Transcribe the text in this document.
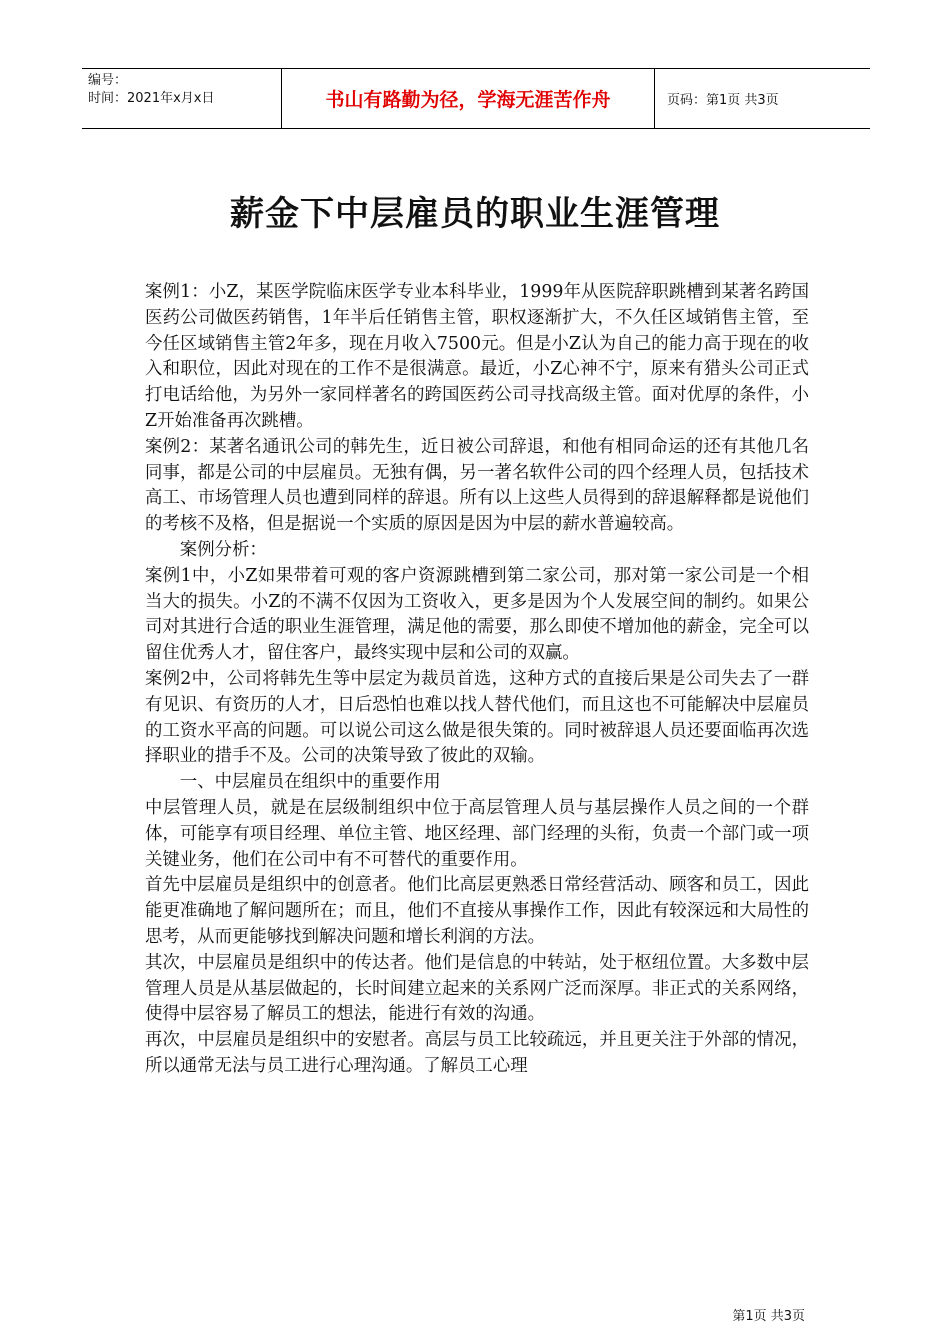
编号：
时间：2021年x月x日	书山有路勤为径，学海无涯苦作舟	页码：第1页 共3页
薪金下中层雇员的职业生涯管理

案例1：小Z，某医学院临床医学专业本科毕业，1999年从医院辞职跳槽到某著名跨国医药公司做医药销售，1年半后任销售主管，职权逐渐扩大，不久任区域销售主管，至今任区域销售主管2年多，现在月收入7500元。但是小Z认为自己的能力高于现在的收入和职位，因此对现在的工作不是很满意。最近，小Z心神不宁，原来有猎头公司正式打电话给他，为另外一家同样著名的跨国医药公司寻找高级主管。面对优厚的条件，小Z开始准备再次跳槽。

案例2：某著名通讯公司的韩先生，近日被公司辞退，和他有相同命运的还有其他几名同事，都是公司的中层雇员。无独有偶，另一著名软件公司的四个经理人员，包括技术高工、市场管理人员也遭到同样的辞退。所有以上这些人员得到的辞退解释都是说他们的考核不及格，但是据说一个实质的原因是因为中层的薪水普遍较高。

案例分析：

案例1中，小Z如果带着可观的客户资源跳槽到第二家公司，那对第一家公司是一个相当大的损失。小Z的不满不仅因为工资收入，更多是因为个人发展空间的制约。如果公司对其进行合适的职业生涯管理，满足他的需要，那么即使不增加他的薪金，完全可以留住优秀人才，留住客户，最终实现中层和公司的双赢。

案例2中，公司将韩先生等中层定为裁员首选，这种方式的直接后果是公司失去了一群有见识、有资历的人才，日后恐怕也难以找人替代他们，而且这也不可能解决中层雇员的工资水平高的问题。可以说公司这么做是很失策的。同时被辞退人员还要面临再次选择职业的措手不及。公司的决策导致了彼此的双输。

一、中层雇员在组织中的重要作用

中层管理人员，就是在层级制组织中位于高层管理人员与基层操作人员之间的一个群体，可能享有项目经理、单位主管、地区经理、部门经理的头衔，负责一个部门或一项关键业务，他们在公司中有不可替代的重要作用。

首先中层雇员是组织中的创意者。他们比高层更熟悉日常经营活动、顾客和员工，因此能更准确地了解问题所在；而且，他们不直接从事操作工作，因此有较深远和大局性的思考，从而更能够找到解决问题和增长利润的方法。

其次，中层雇员是组织中的传达者。他们是信息的中转站，处于枢纽位置。大多数中层管理人员是从基层做起的，长时间建立起来的关系网广泛而深厚。非正式的关系网络，使得中层容易了解员工的想法，能进行有效的沟通。

再次，中层雇员是组织中的安慰者。高层与员工比较疏远，并且更关注于外部的情况，所以通常无法与员工进行心理沟通。了解员工心理

第1页 共3页
